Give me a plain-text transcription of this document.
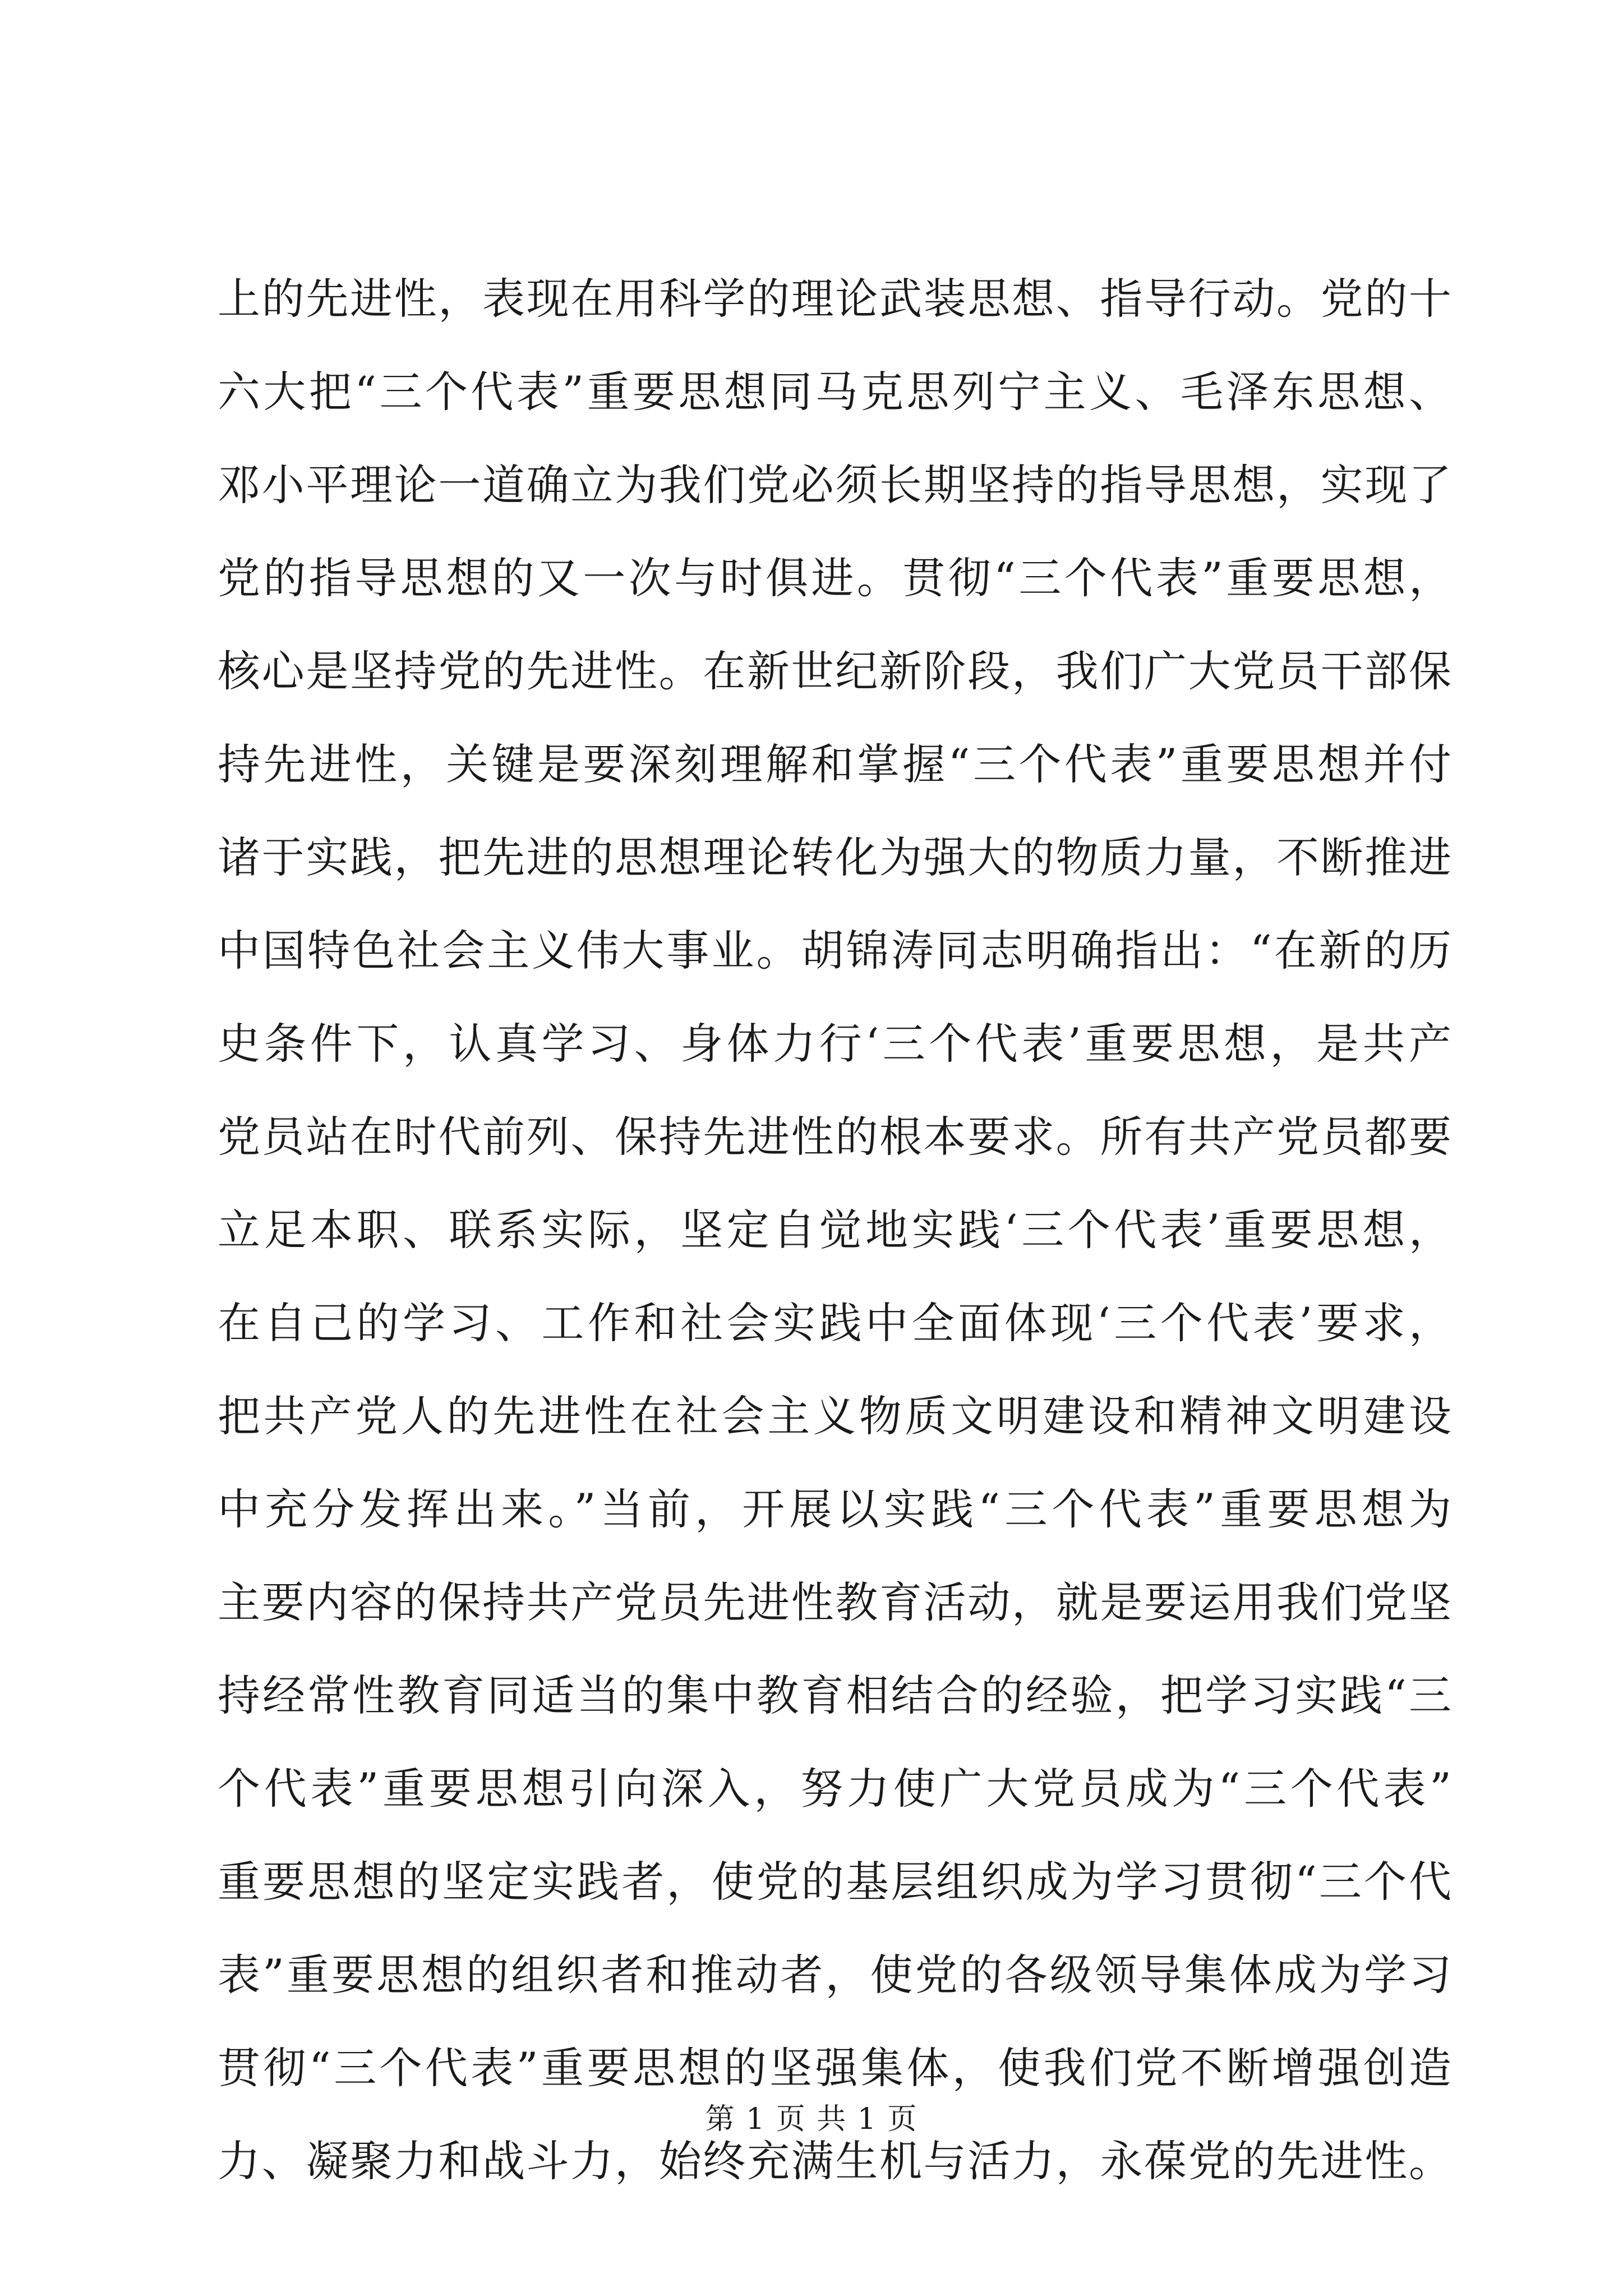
上的先进性，表现在用科学的理论武装思想、指导行动。党的十
六大把“三个代表”重要思想同马克思列宁主义、毛泽东思想、
邓小平理论一道确立为我们党必须长期坚持的指导思想，实现了
党的指导思想的又一次与时俱进。贯彻“三个代表”重要思想，
核心是坚持党的先进性。在新世纪新阶段，我们广大党员干部保
持先进性，关键是要深刻理解和掌握“三个代表”重要思想并付
诸于实践，把先进的思想理论转化为强大的物质力量，不断推进
中国特色社会主义伟大事业。胡锦涛同志明确指出：“在新的历
史条件下，认真学习、身体力行‘三个代表’重要思想，是共产
党员站在时代前列、保持先进性的根本要求。所有共产党员都要
立足本职、联系实际，坚定自觉地实践‘三个代表’重要思想，
在自己的学习、工作和社会实践中全面体现‘三个代表’要求，
把共产党人的先进性在社会主义物质文明建设和精神文明建设
中充分发挥出来。”当前，开展以实践“三个代表”重要思想为
主要内容的保持共产党员先进性教育活动，就是要运用我们党坚
持经常性教育同适当的集中教育相结合的经验，把学习实践“三
个代表”重要思想引向深入，努力使广大党员成为“三个代表”
重要思想的坚定实践者，使党的基层组织成为学习贯彻“三个代
表”重要思想的组织者和推动者，使党的各级领导集体成为学习
贯彻“三个代表”重要思想的坚强集体，使我们党不断增强创造
力、凝聚力和战斗力，始终充满生机与活力，永葆党的先进性。
第 1 页 共 1 页
